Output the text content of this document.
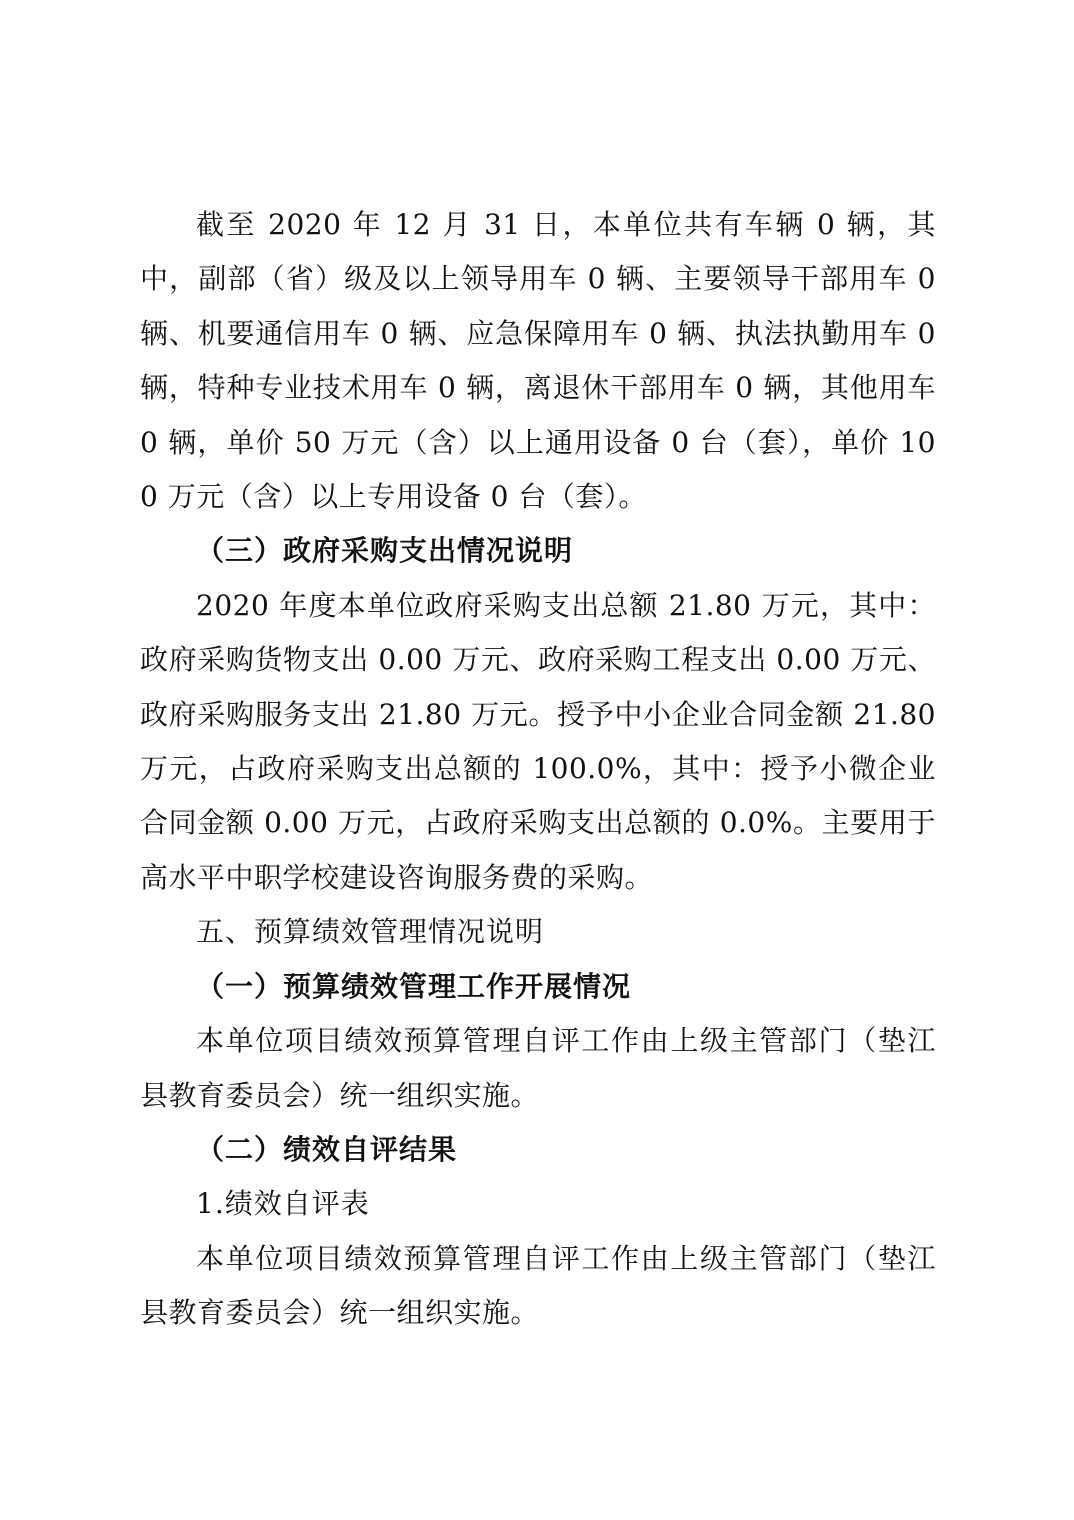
截至 2020 年 12 月 31 日，本单位共有车辆 0 辆，其中，副部（省）级及以上领导用车 0 辆、主要领导干部用车 0 辆、机要通信用车 0 辆、应急保障用车 0 辆、执法执勤用车 0 辆，特种专业技术用车 0 辆，离退休干部用车 0 辆，其他用车 0 辆，单价 50 万元（含）以上通用设备 0 台（套），单价 100 万元（含）以上专用设备 0 台（套）。

（三）政府采购支出情况说明

2020 年度本单位政府采购支出总额 21.80 万元，其中：政府采购货物支出 0.00 万元、政府采购工程支出 0.00 万元、政府采购服务支出 21.80 万元。授予中小企业合同金额 21.80 万元，占政府采购支出总额的 100.0%，其中：授予小微企业合同金额 0.00 万元，占政府采购支出总额的 0.0%。主要用于高水平中职学校建设咨询服务费的采购。

五、预算绩效管理情况说明

（一）预算绩效管理工作开展情况

本单位项目绩效预算管理自评工作由上级主管部门（垫江县教育委员会）统一组织实施。

（二）绩效自评结果

1.绩效自评表

本单位项目绩效预算管理自评工作由上级主管部门（垫江县教育委员会）统一组织实施。
